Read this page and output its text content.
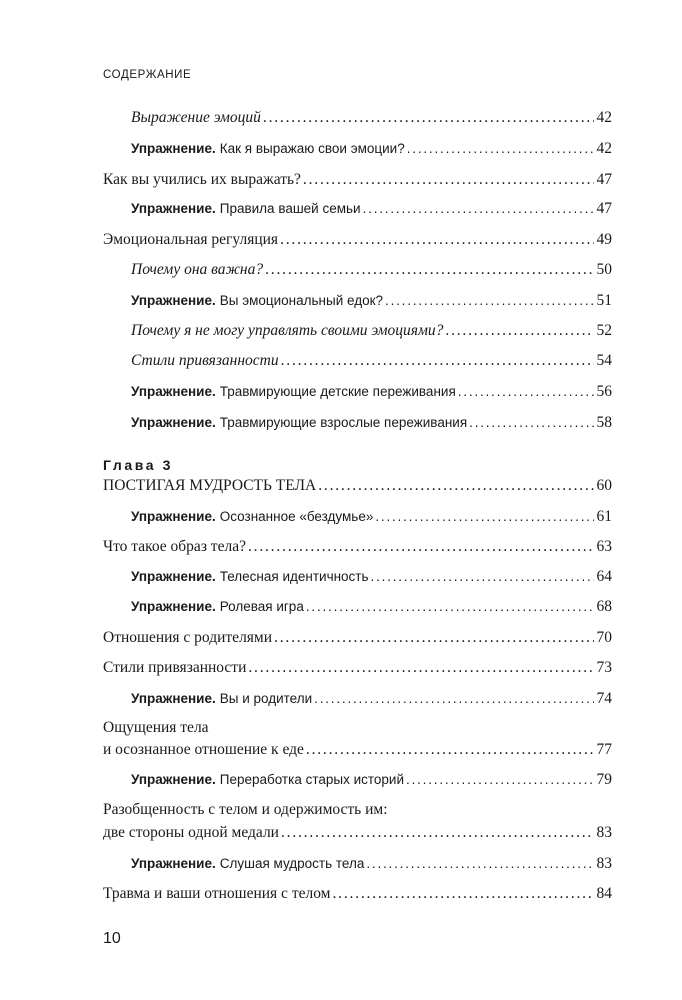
СОДЕРЖАНИЕ
Выражение эмоций .....	42
Упражнение. Как я выражаю свои эмоции? .....	42
Как вы учились их выражать? .....	47
Упражнение. Правила вашей семьи .....	47
Эмоциональная регуляция .....	49
Почему она важна? .....	50
Упражнение. Вы эмоциональный едок? .....	51
Почему я не могу управлять своими эмоциями? .....	52
Стили привязанности .....	54
Упражнение. Травмирующие детские переживания .....	56
Упражнение. Травмирующие взрослые переживания .....	58
Глава 3
ПОСТИГАЯ МУДРОСТЬ ТЕЛА .....	60
Упражнение. Осознанное «бездумье» .....	61
Что такое образ тела? .....	63
Упражнение. Телесная идентичность .....	64
Упражнение. Ролевая игра .....	68
Отношения с родителями .....	70
Стили привязанности .....	73
Упражнение. Вы и родители .....	74
Ощущения тела
и осознанное отношение к еде .....	77
Упражнение. Переработка старых историй .....	79
Разобщенность с телом и одержимость им:
две стороны одной медали .....	83
Упражнение. Слушая мудрость тела .....	83
Травма и ваши отношения с телом .....	84
10
